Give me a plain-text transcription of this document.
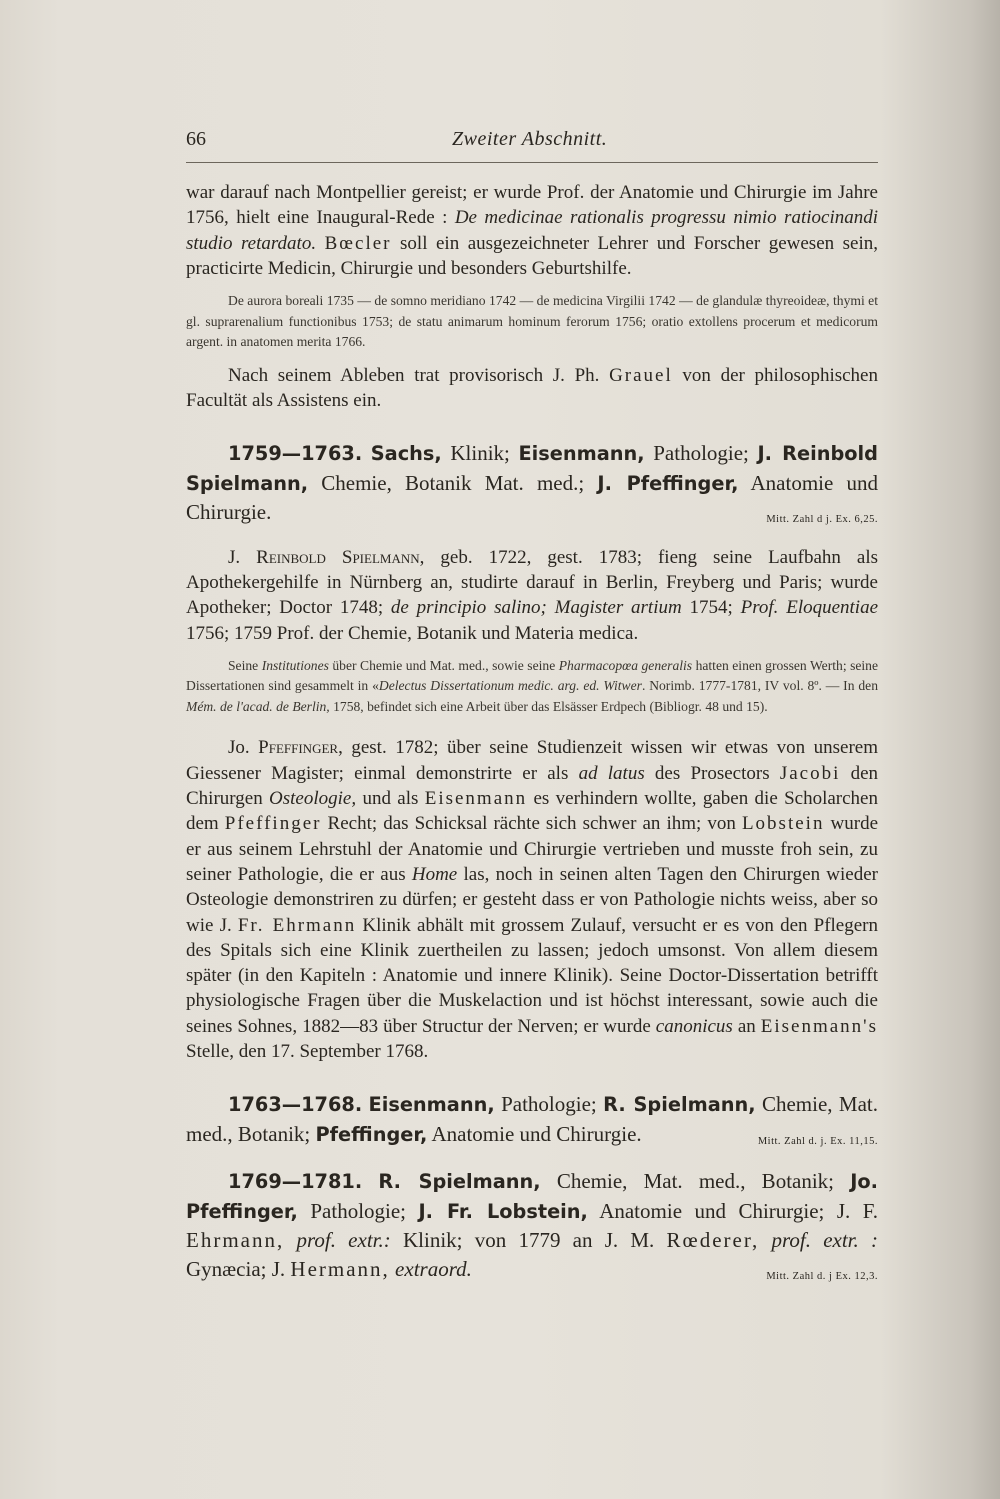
66	Zweiter Abschnitt.

war darauf nach Montpellier gereist; er wurde Prof. der Anatomie und Chirurgie im Jahre 1756, hielt eine Inaugural-Rede : De medicinae rationalis progressu nimio ratiocinandi studio retardato. Bœcler soll ein ausgezeichneter Lehrer und Forscher gewesen sein, practicirte Medicin, Chirurgie und besonders Geburtshilfe.

De aurora boreali 1735 — de somno meridiano 1742 — de medicina Virgilii 1742 — de glandulæ thyreoideæ, thymi et gl. suprarenalium functionibus 1753; de statu animarum hominum ferorum 1756; oratio extollens procerum et medicorum argent. in anatomen merita 1766.

Nach seinem Ableben trat provisorisch J. Ph. Grauel von der philosophischen Facultät als Assistens ein.

1759—1763. Sachs, Klinik; Eisenmann, Pathologie; J. Reinbold Spielmann, Chemie, Botanik Mat. med.; J. Pfeffinger, Anatomie und Chirurgie.	Mitt. Zahl d j. Ex. 6,25.

J. Reinbold Spielmann, geb. 1722, gest. 1783; fieng seine Laufbahn als Apothekergehilfe in Nürnberg an, studirte darauf in Berlin, Freyberg und Paris; wurde Apotheker; Doctor 1748; de principio salino; Magister artium 1754; Prof. Eloquentiae 1756; 1759 Prof. der Chemie, Botanik und Materia medica.

Seine Institutiones über Chemie und Mat. med., sowie seine Pharmacopœa generalis hatten einen grossen Werth; seine Dissertationen sind gesammelt in «Delectus Dissertationum medic. arg. ed. Witwer. Norimb. 1777-1781, IV vol. 8º. — In den Mém. de l'acad. de Berlin, 1758, befindet sich eine Arbeit über das Elsässer Erdpech (Bibliogr. 48 und 15).

Jo. Pfeffinger, gest. 1782; über seine Studienzeit wissen wir etwas von unserem Giessener Magister; einmal demonstrirte er als ad latus des Prosectors Jacobi den Chirurgen Osteologie, und als Eisenmann es verhindern wollte, gaben die Scholarchen dem Pfeffinger Recht; das Schicksal rächte sich schwer an ihm; von Lobstein wurde er aus seinem Lehrstuhl der Anatomie und Chirurgie vertrieben und musste froh sein, zu seiner Pathologie, die er aus Home las, noch in seinen alten Tagen den Chirurgen wieder Osteologie demonstriren zu dürfen; er gesteht dass er von Pathologie nichts weiss, aber so wie J. Fr. Ehrmann Klinik abhält mit grossem Zulauf, versucht er es von den Pflegern des Spitals sich eine Klinik zuertheilen zu lassen; jedoch umsonst. Von allem diesem später (in den Kapiteln : Anatomie und innere Klinik). Seine Doctor-Dissertation betrifft physiologische Fragen über die Muskelaction und ist höchst interessant, sowie auch die seines Sohnes, 1882—83 über Structur der Nerven; er wurde canonicus an Eisenmann's Stelle, den 17. September 1768.

1763—1768. Eisenmann, Pathologie; R. Spielmann, Chemie, Mat. med., Botanik; Pfeffinger, Anatomie und Chirurgie.	Mitt. Zahl d. j. Ex. 11,15.

1769—1781. R. Spielmann, Chemie, Mat. med., Botanik; Jo. Pfeffinger, Pathologie; J. Fr. Lobstein, Anatomie und Chirurgie; J. F. Ehrmann, prof. extr.: Klinik; von 1779 an J. M. Rœderer, prof. extr. : Gynæcia; J. Hermann, extraord.	Mitt. Zahl d. j Ex. 12,3.
